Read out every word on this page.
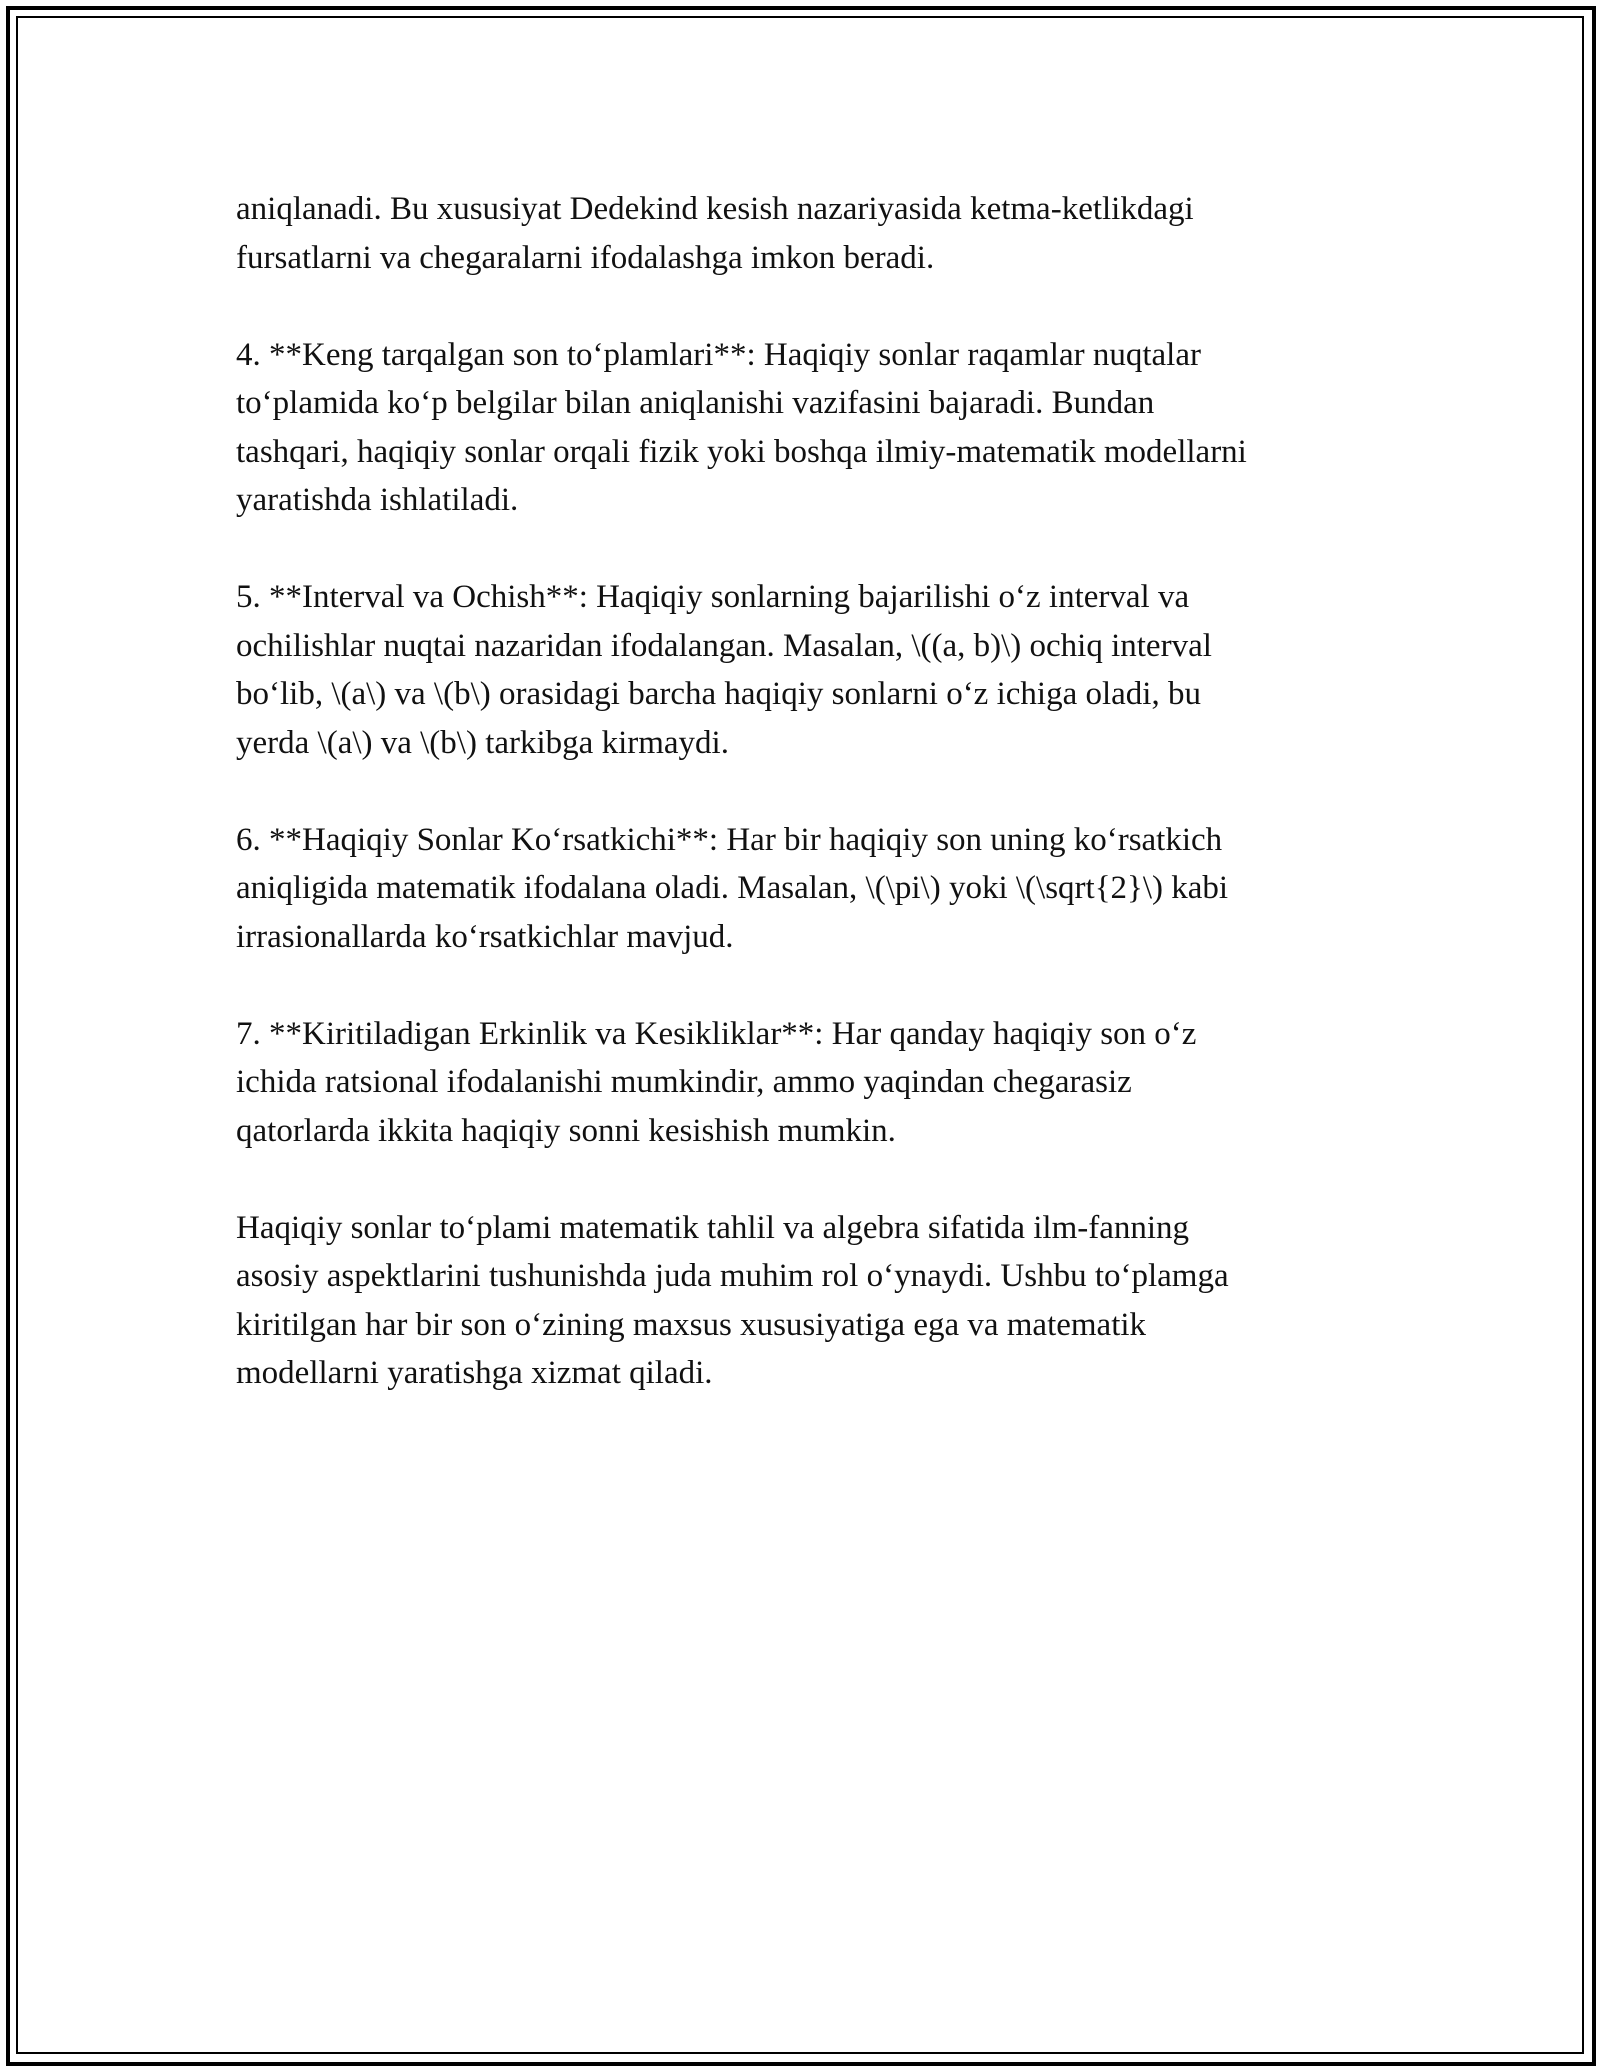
aniqlanadi. Bu xususiyat Dedekind kesish nazariyasida ketma-ketlikdagi
fursatlarni va chegaralarni ifodalashga imkon beradi.

4. **Keng tarqalgan son to‘plamlari**: Haqiqiy sonlar raqamlar nuqtalar
to‘plamida ko‘p belgilar bilan aniqlanishi vazifasini bajaradi. Bundan
tashqari, haqiqiy sonlar orqali fizik yoki boshqa ilmiy-matematik modellarni
yaratishda ishlatiladi.

5. **Interval va Ochish**: Haqiqiy sonlarning bajarilishi o‘z interval va
ochilishlar nuqtai nazaridan ifodalangan. Masalan, \((a, b)\) ochiq interval
bo‘lib, \(a\) va \(b\) orasidagi barcha haqiqiy sonlarni o‘z ichiga oladi, bu
yerda \(a\) va \(b\) tarkibga kirmaydi.

6. **Haqiqiy Sonlar Ko‘rsatkichi**: Har bir haqiqiy son uning ko‘rsatkich
aniqligida matematik ifodalana oladi. Masalan, \(\pi\) yoki \(\sqrt{2}\) kabi
irrasionallarda ko‘rsatkichlar mavjud.

7. **Kiritiladigan Erkinlik va Kesikliklar**: Har qanday haqiqiy son o‘z
ichida ratsional ifodalanishi mumkindir, ammo yaqindan chegarasiz
qatorlarda ikkita haqiqiy sonni kesishish mumkin.

Haqiqiy sonlar to‘plami matematik tahlil va algebra sifatida ilm-fanning
asosiy aspektlarini tushunishda juda muhim rol o‘ynaydi. Ushbu to‘plamga
kiritilgan har bir son o‘zining maxsus xususiyatiga ega va matematik
modellarni yaratishga xizmat qiladi.
